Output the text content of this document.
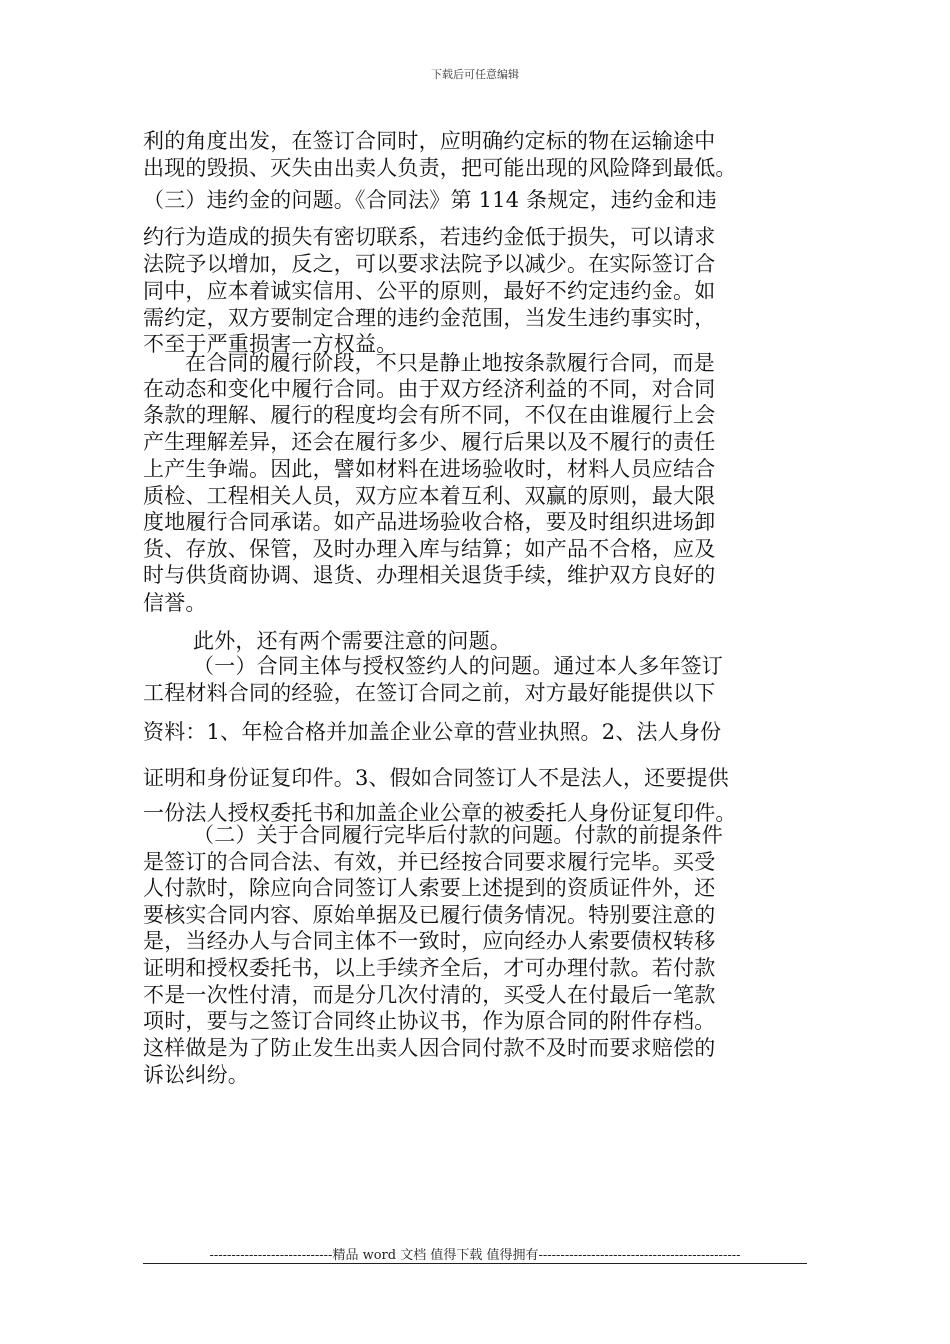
下载后可任意编辑
利的角度出发，在签订合同时，应明确约定标的物在运输途中
出现的毁损、灭失由出卖人负责，把可能出现的风险降到最低。
（三）违约金的问题。《合同法》第 114 条规定，违约金和违
约行为造成的损失有密切联系，若违约金低于损失，可以请求
法院予以增加，反之，可以要求法院予以减少。在实际签订合
同中，应本着诚实信用、公平的原则，最好不约定违约金。如
需约定，双方要制定合理的违约金范围，当发生违约事实时，
不至于严重损害一方权益。
在合同的履行阶段，不只是静止地按条款履行合同，而是
在动态和变化中履行合同。由于双方经济利益的不同，对合同
条款的理解、履行的程度均会有所不同，不仅在由谁履行上会
产生理解差异，还会在履行多少、履行后果以及不履行的责任
上产生争端。因此，譬如材料在进场验收时，材料人员应结合
质检、工程相关人员，双方应本着互利、双赢的原则，最大限
度地履行合同承诺。如产品进场验收合格，要及时组织进场卸
货、存放、保管，及时办理入库与结算；如产品不合格，应及
时与供货商协调、退货、办理相关退货手续，维护双方良好的
信誉。
此外，还有两个需要注意的问题。
（一）合同主体与授权签约人的问题。通过本人多年签订
工程材料合同的经验，在签订合同之前，对方最好能提供以下
资料：1、年检合格并加盖企业公章的营业执照。2、法人身份
证明和身份证复印件。3、假如合同签订人不是法人，还要提供
一份法人授权委托书和加盖企业公章的被委托人身份证复印件。
（二）关于合同履行完毕后付款的问题。付款的前提条件
是签订的合同合法、有效，并已经按合同要求履行完毕。买受
人付款时，除应向合同签订人索要上述提到的资质证件外，还
要核实合同内容、原始单据及已履行债务情况。特别要注意的
是，当经办人与合同主体不一致时，应向经办人索要债权转移
证明和授权委托书，以上手续齐全后，才可办理付款。若付款
不是一次性付清，而是分几次付清的，买受人在付最后一笔款
项时，要与之签订合同终止协议书，作为原合同的附件存档。
这样做是为了防止发生出卖人因合同付款不及时而要求赔偿的
诉讼纠纷。
----------------------------精品 word 文档 值得下载 值得拥有----------------------------------------------
